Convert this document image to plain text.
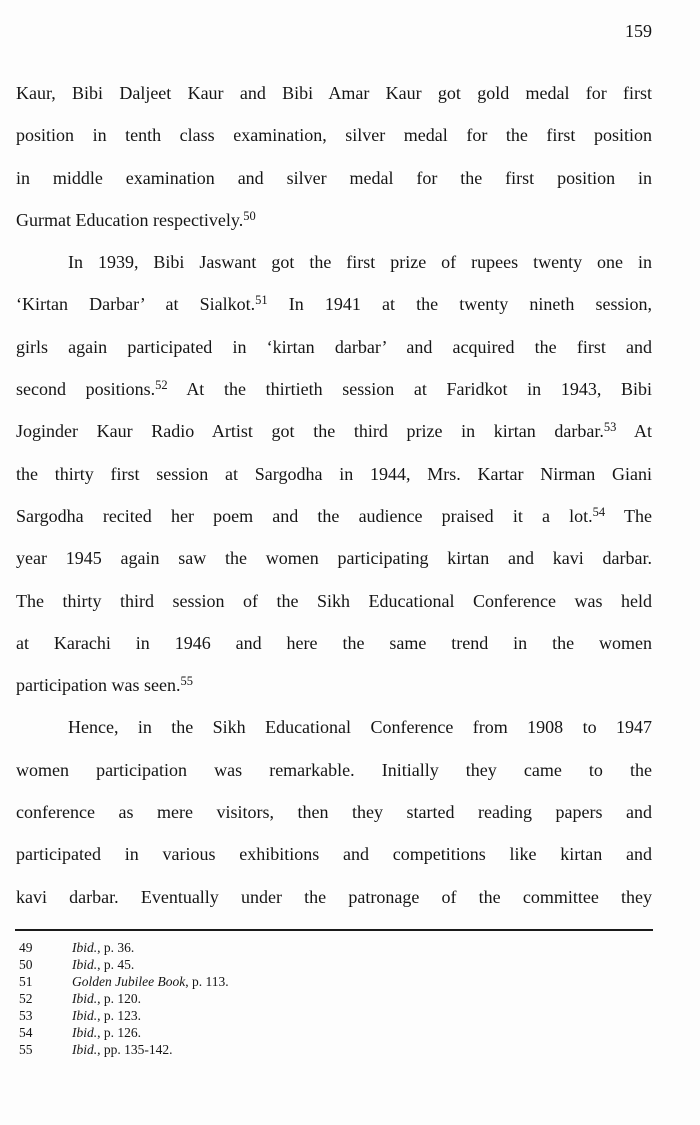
159
Kaur, Bibi Daljeet Kaur and Bibi Amar Kaur got gold medal for first
position in tenth class examination, silver medal for the first position
in middle examination and silver medal for the first position in
Gurmat Education respectively.$^{50}$
In 1939, Bibi Jaswant got the first prize of rupees twenty one in
‘Kirtan Darbar’ at Sialkot.$^{51}$ In 1941 at the twenty nineth session,
girls again participated in ‘kirtan darbar’ and acquired the first and
second positions.$^{52}$ At the thirtieth session at Faridkot in 1943, Bibi
Joginder Kaur Radio Artist got the third prize in kirtan darbar.$^{53}$ At
the thirty first session at Sargodha in 1944, Mrs. Kartar Nirman Giani
Sargodha recited her poem and the audience praised it a lot.$^{54}$ The
year 1945 again saw the women participating kirtan and kavi darbar.
The thirty third session of the Sikh Educational Conference was held
at Karachi in 1946 and here the same trend in the women
participation was seen.$^{55}$
Hence, in the Sikh Educational Conference from 1908 to 1947
women participation was remarkable. Initially they came to the
conference as mere visitors, then they started reading papers and
participated in various exhibitions and competitions like kirtan and
kavi darbar. Eventually under the patronage of the committee they
49	Ibid., p. 36.
50	Ibid., p. 45.
51	Golden Jubilee Book, p. 113.
52	Ibid., p. 120.
53	Ibid., p. 123.
54	Ibid., p. 126.
55	Ibid., pp. 135-142.
